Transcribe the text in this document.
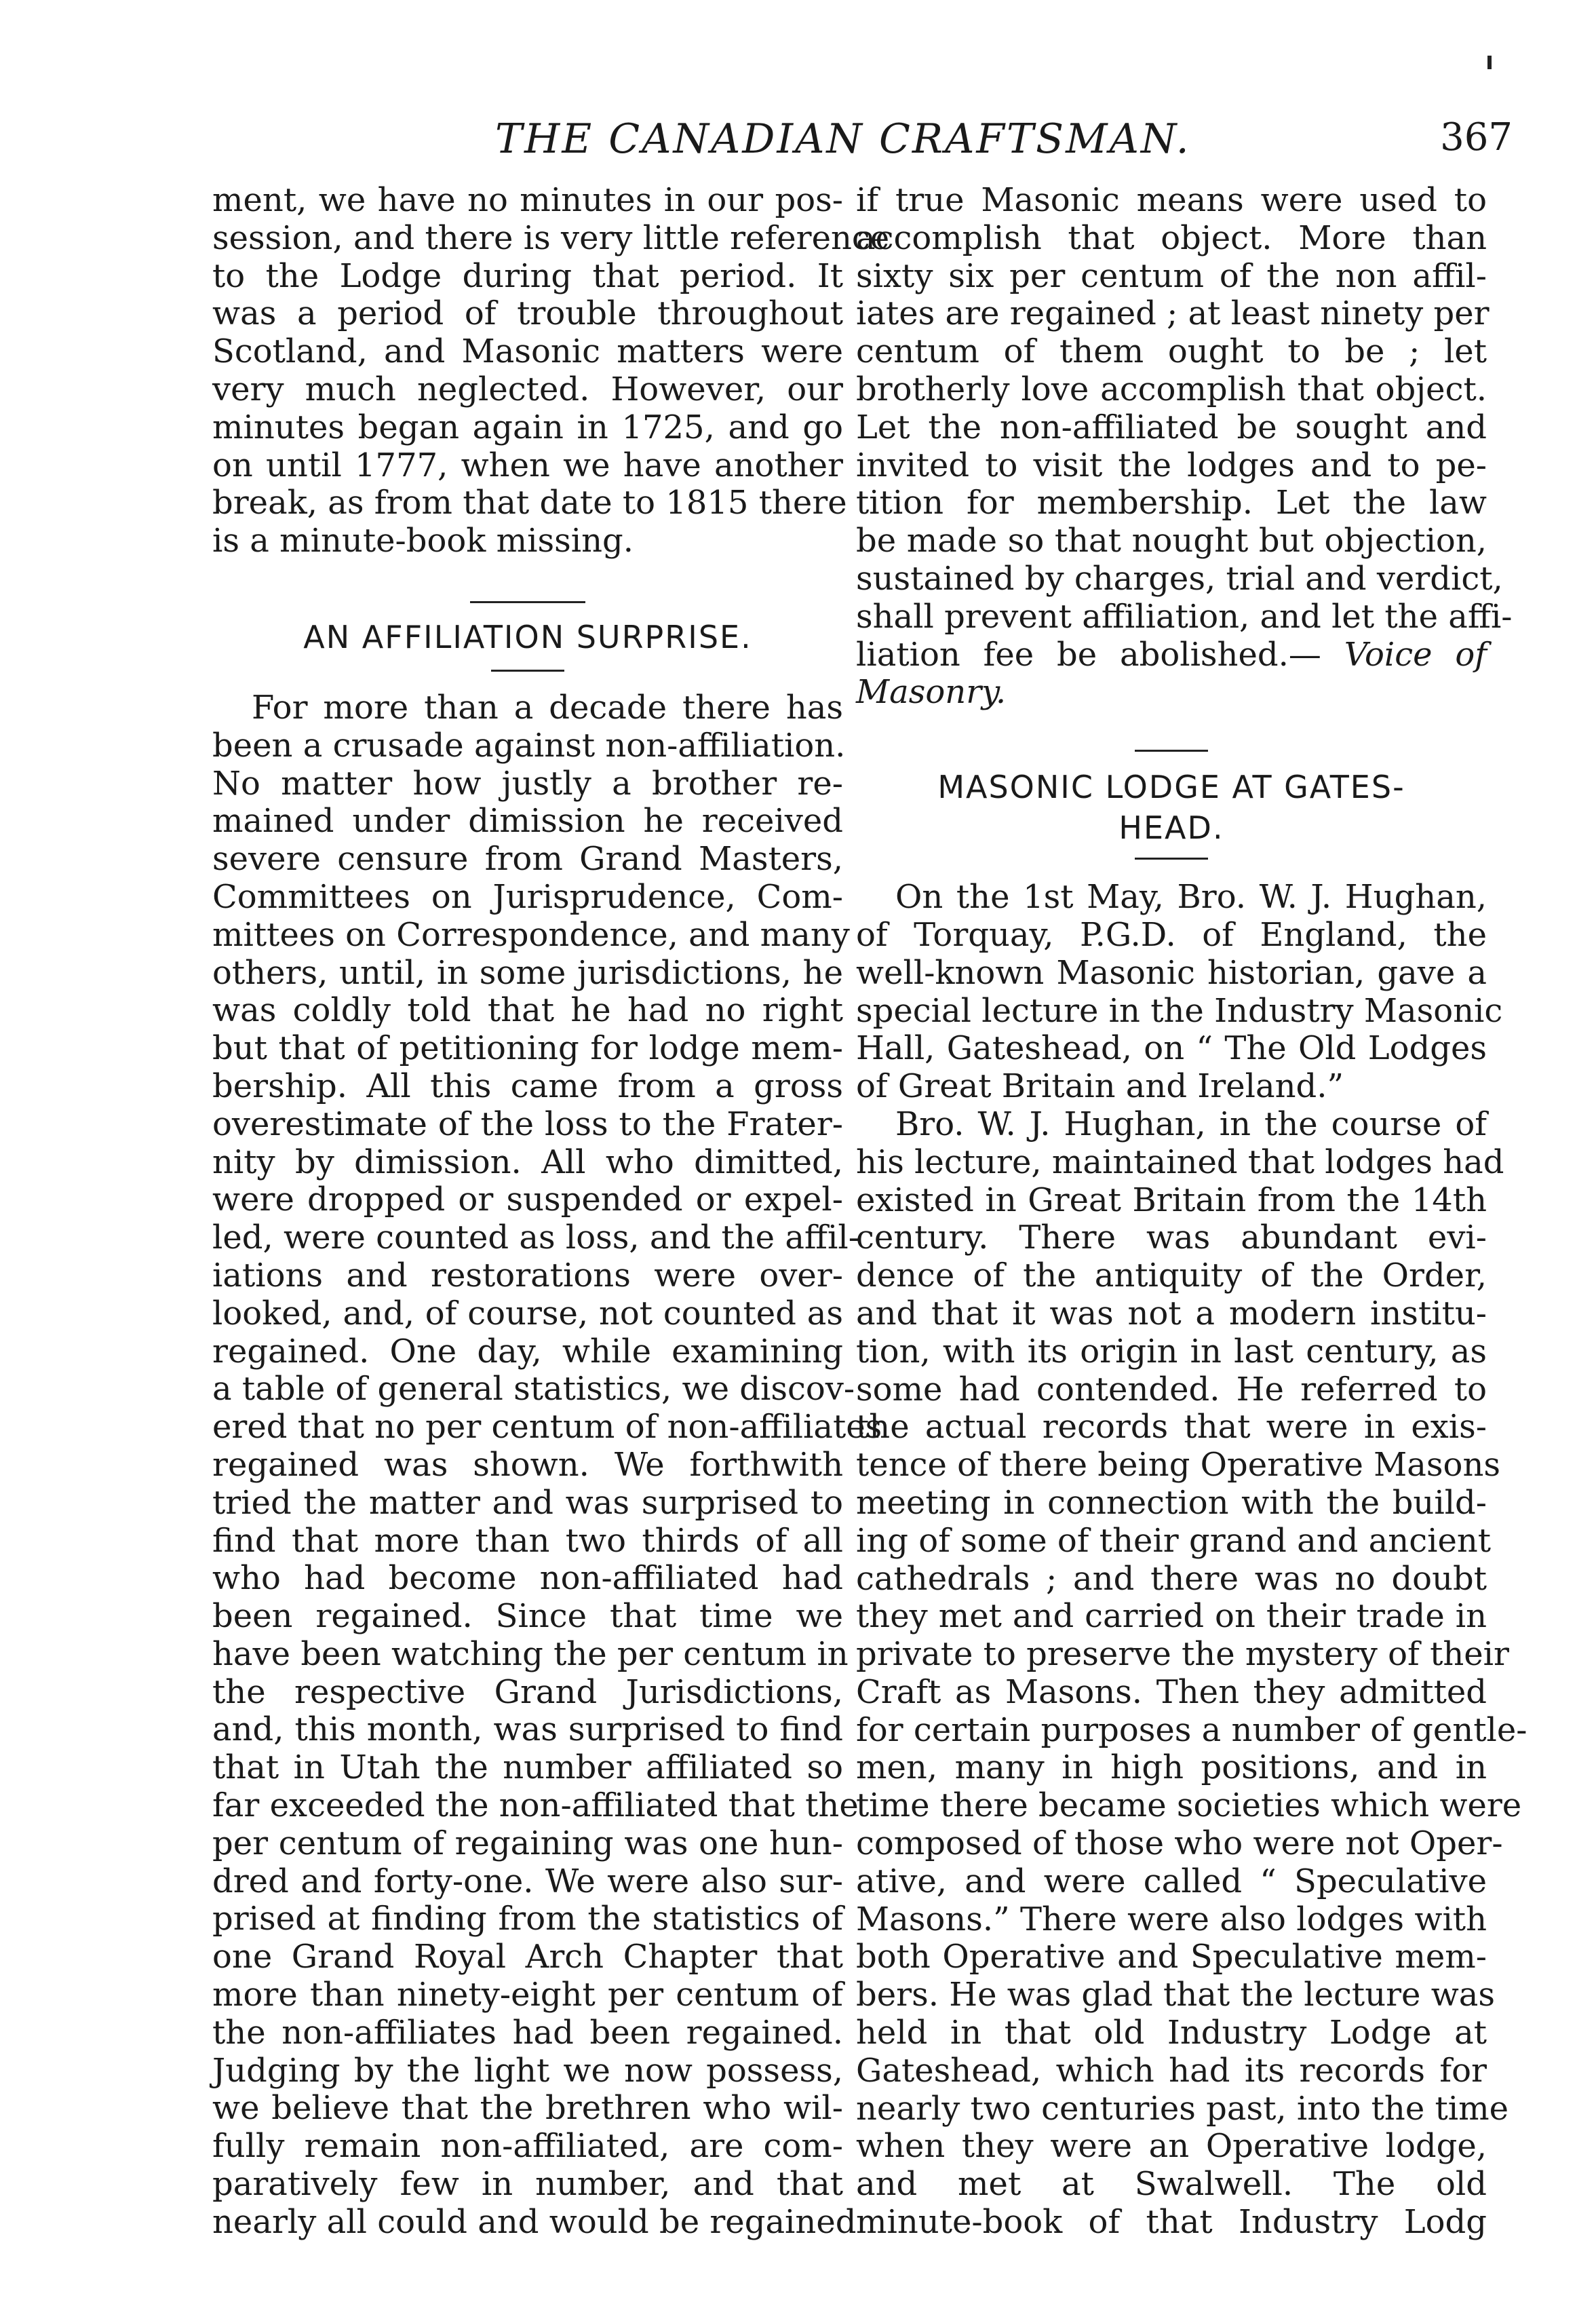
THE CANADIAN CRAFTSMAN.	367
ment, we have no minutes in our pos-
session, and there is very little reference
to the Lodge during that period. It
was a period of trouble throughout
Scotland, and Masonic matters were
very much neglected. However, our
minutes began again in 1725, and go
on until 1777, when we have another
break, as from that date to 1815 there
is a minute-book missing.
AN AFFILIATION SURPRISE.
For more than a decade there has
been a crusade against non-affiliation.
No matter how justly a brother re-
mained under dimission he received
severe censure from Grand Masters,
Committees on Jurisprudence, Com-
mittees on Correspondence, and many
others, until, in some jurisdictions, he
was coldly told that he had no right
but that of petitioning for lodge mem-
bership. All this came from a gross
overestimate of the loss to the Frater-
nity by dimission. All who dimitted,
were dropped or suspended or expel-
led, were counted as loss, and the affil-
iations and restorations were over-
looked, and, of course, not counted as
regained. One day, while examining
a table of general statistics, we discov-
ered that no per centum of non-affiliates
regained was shown. We forthwith
tried the matter and was surprised to
find that more than two thirds of all
who had become non-affiliated had
been regained. Since that time we
have been watching the per centum in
the respective Grand Jurisdictions,
and, this month, was surprised to find
that in Utah the number affiliated so
far exceeded the non-affiliated that the
per centum of regaining was one hun-
dred and forty-one. We were also sur-
prised at finding from the statistics of
one Grand Royal Arch Chapter that
more than ninety-eight per centum of
the non-affiliates had been regained.
Judging by the light we now possess,
we believe that the brethren who wil-
fully remain non-affiliated, are com-
paratively few in number, and that
nearly all could and would be regained
if true Masonic means were used to
accomplish that object. More than
sixty six per centum of the non affil-
iates are regained ; at least ninety per
centum of them ought to be ; let
brotherly love accomplish that object.
Let the non-affiliated be sought and
invited to visit the lodges and to pe-
tition for membership. Let the law
be made so that nought but objection,
sustained by charges, trial and verdict,
shall prevent affiliation, and let the affi-
liation fee be abolished.— Voice of
Masonry.
MASONIC LODGE AT GATES-
HEAD.
On the 1st May, Bro. W. J. Hughan,
of Torquay, P.G.D. of England, the
well-known Masonic historian, gave a
special lecture in the Industry Masonic
Hall, Gateshead, on “ The Old Lodges
of Great Britain and Ireland.”
Bro. W. J. Hughan, in the course of
his lecture, maintained that lodges had
existed in Great Britain from the 14th
century. There was abundant evi-
dence of the antiquity of the Order,
and that it was not a modern institu-
tion, with its origin in last century, as
some had contended. He referred to
the actual records that were in exis-
tence of there being Operative Masons
meeting in connection with the build-
ing of some of their grand and ancient
cathedrals ; and there was no doubt
they met and carried on their trade in
private to preserve the mystery of their
Craft as Masons. Then they admitted
for certain purposes a number of gentle-
men, many in high positions, and in
time there became societies which were
composed of those who were not Oper-
ative, and were called “ Speculative
Masons.” There were also lodges with
both Operative and Speculative mem-
bers. He was glad that the lecture was
held in that old Industry Lodge at
Gateshead, which had its records for
nearly two centuries past, into the time
when they were an Operative lodge,
and met at Swalwell. The old
minute-book of that Industry Lodg
